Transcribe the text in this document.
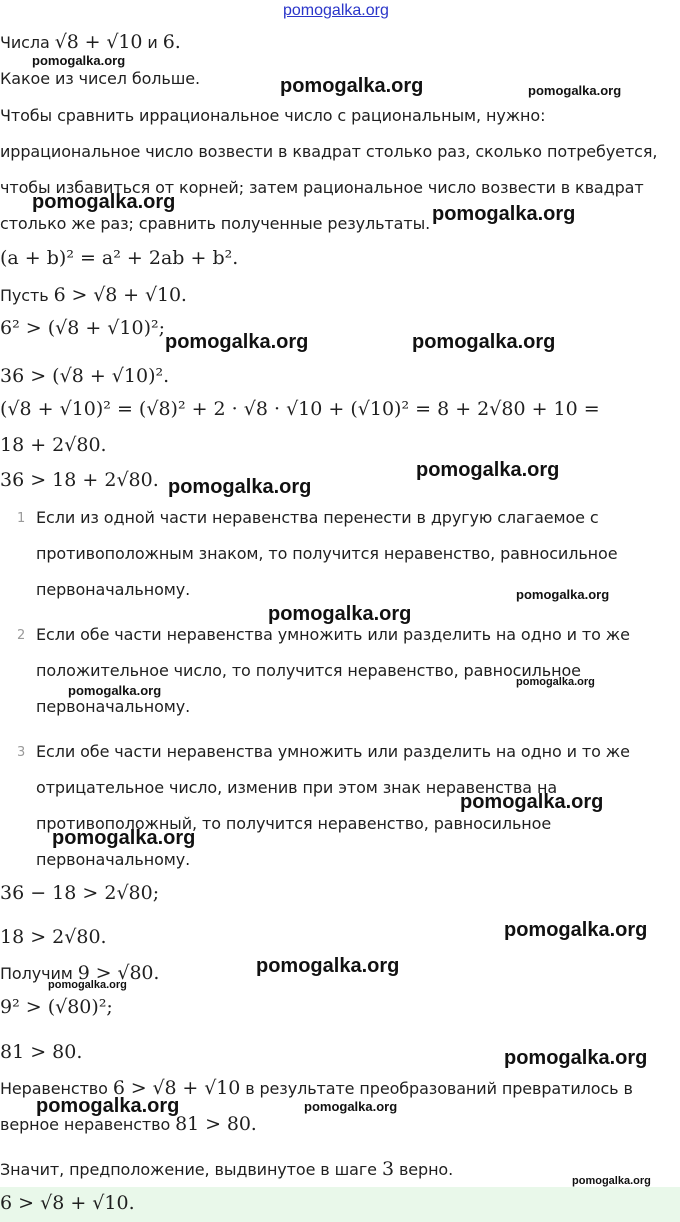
pomogalka.org
Числа √8 + √10 и 6.
Какое из чисел больше.
Чтобы сравнить иррациональное число с рациональным, нужно:
иррациональное число возвести в квадрат столько раз, сколько потребуется,
чтобы избавиться от корней; затем рациональное число возвести в квадрат
столько же раз; сравнить полученные результаты.
(a + b)² = a² + 2ab + b².
Пусть 6 > √8 + √10.
6² > (√8 + √10)²;
36 > (√8 + √10)².
(√8 + √10)² = (√8)² + 2 · √8 · √10 + (√10)² = 8 + 2√80 + 10 =
18 + 2√80.
36 > 18 + 2√80.
1 Если из одной части неравенства перенести в другую слагаемое с
противоположным знаком, то получится неравенство, равносильное
первоначальному.
2 Если обе части неравенства умножить или разделить на одно и то же
положительное число, то получится неравенство, равносильное
первоначальному.
3 Если обе части неравенства умножить или разделить на одно и то же
отрицательное число, изменив при этом знак неравенства на
противоположный, то получится неравенство, равносильное
первоначальному.
36 − 18 > 2√80;
18 > 2√80.
Получим 9 > √80.
9² > (√80)²;
81 > 80.
Неравенство 6 > √8 + √10 в результате преобразований превратилось в
верное неравенство 81 > 80.
Значит, предположение, выдвинутое в шаге 3 верно.
6 > √8 + √10.
pomogalka.org
pomogalka.org	pomogalka.org
pomogalka.org
pomogalka.org
pomogalka.org	pomogalka.org
pomogalka.org
pomogalka.org
pomogalka.org
pomogalka.org
pomogalka.org
pomogalka.org
pomogalka.org
pomogalka.org
pomogalka.org
pomogalka.org
pomogalka.org
pomogalka.org
pomogalka.org	pomogalka.org
pomogalka.org
